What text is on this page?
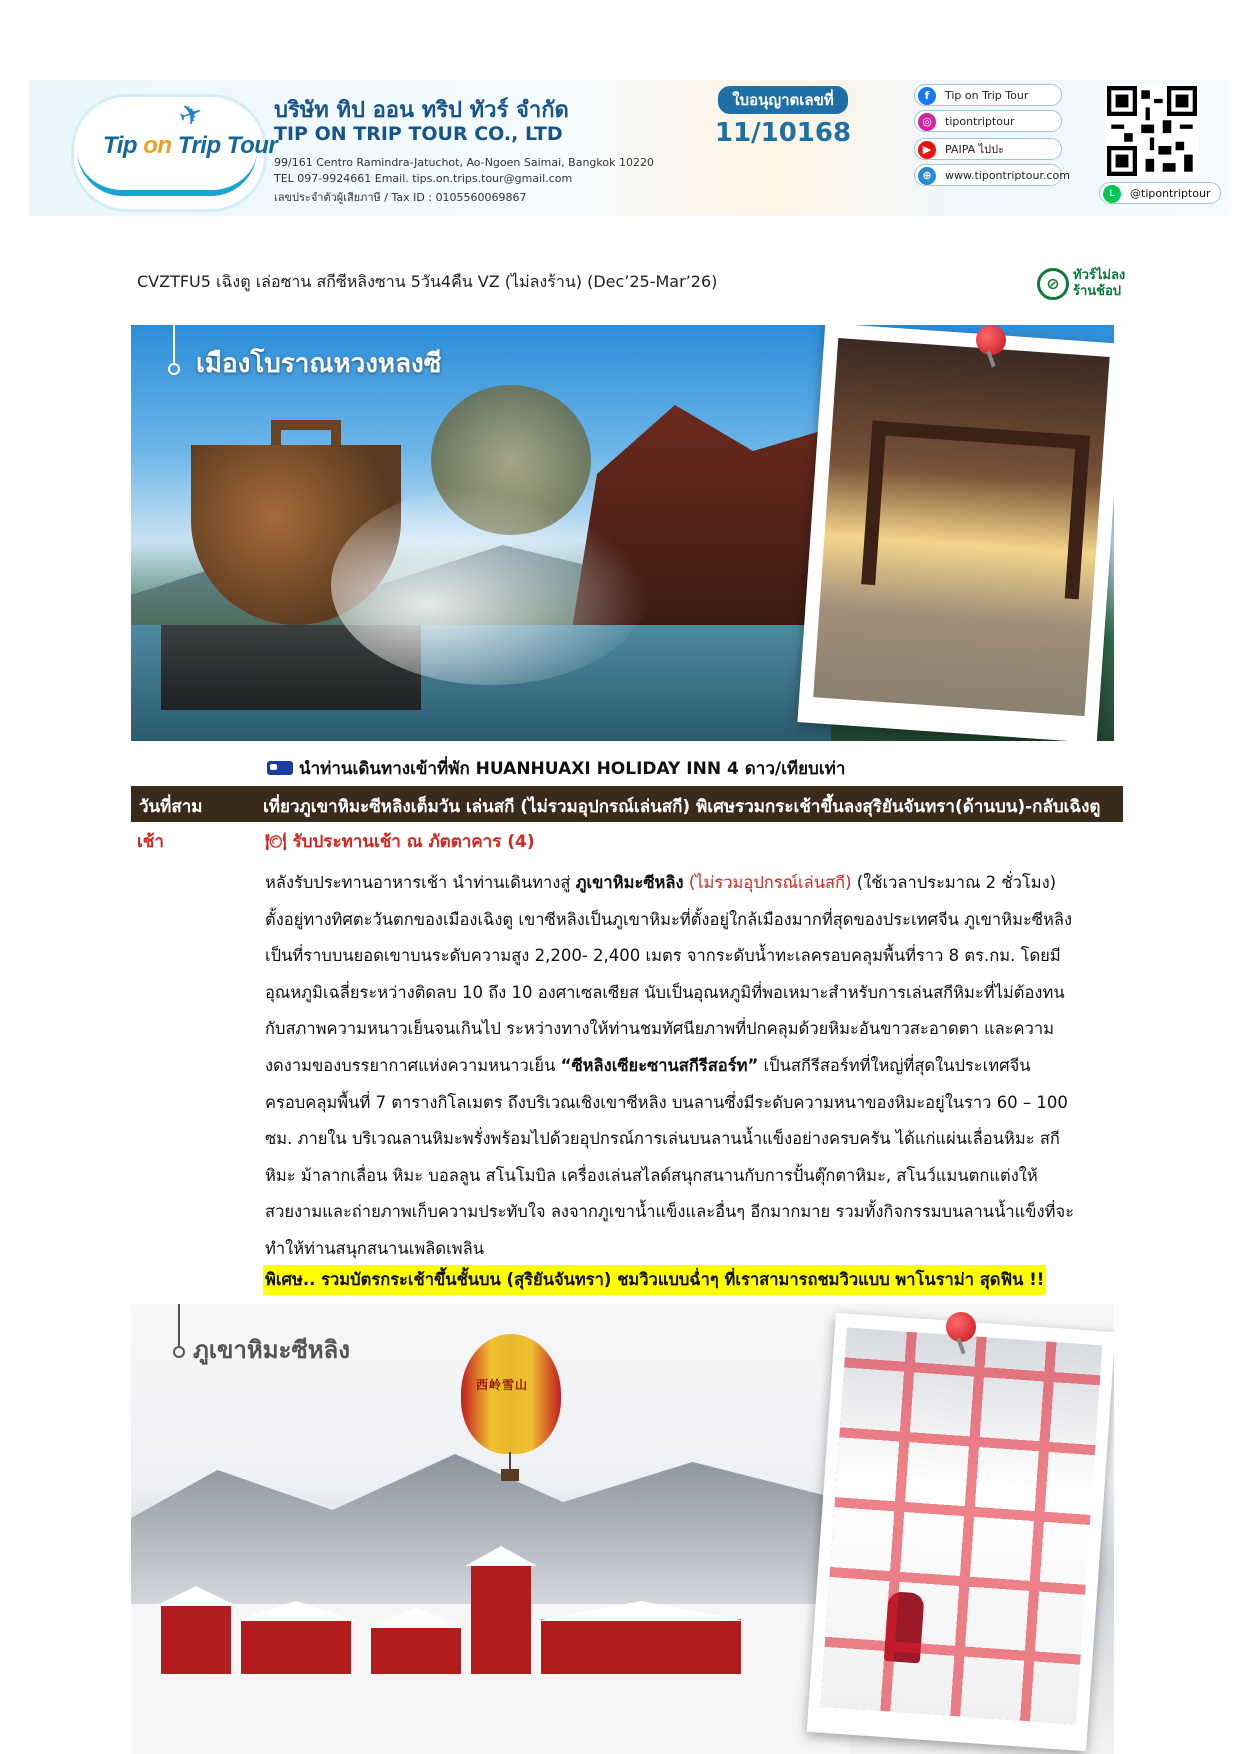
✈
Tip on Trip Tour
บริษัท ทิป ออน ทริป ทัวร์ จำกัด
TIP ON TRIP TOUR CO., LTD
99/161 Centro Ramindra-Jatuchot, Ao-Ngoen Saimai, Bangkok 10220
TEL 097-9924661 Email. tips.on.trips.tour@gmail.com
เลขประจำตัวผู้เสียภาษี / Tax ID : 0105560069867
ใบอนุญาตเลขที่
11/10168
f	Tip on Trip Tour
◎	tipontriptour
▶	PAIPA ไปปะ
⊕	www.tipontriptour.com
L	@tipontriptour
CVZTFU5 เฉิงตู เล่อซาน สกีซีหลิงซาน 5วัน4คืน VZ (ไม่ลงร้าน) (Dec’25-Mar’26)	⊘	ทัวร์ไม่ลง
ร้านช้อป
เมืองโบราณหวงหลงซี
นำท่านเดินทางเข้าที่พัก HUANHUAXI HOLIDAY INN 4 ดาว/เทียบเท่า
วันที่สาม	เที่ยวภูเขาหิมะซีหลิงเต็มวัน เล่นสกี (ไม่รวมอุปกรณ์เล่นสกี) พิเศษรวมกระเช้าขึ้นลงสุริยันจันทรา(ด้านบน)-กลับเฉิงตู
เช้า	🍽 รับประทานเช้า ณ ภัตตาคาร (4)
หลังรับประทานอาหารเช้า นำท่านเดินทางสู่ ภูเขาหิมะซีหลิง (ไม่รวมอุปกรณ์เล่นสกี) (ใช้เวลาประมาณ 2 ชั่วโมง)
ตั้งอยู่ทางทิศตะวันตกของเมืองเฉิงตู เขาซีหลิงเป็นภูเขาหิมะที่ตั้งอยู่ใกล้เมืองมากที่สุดของประเทศจีน ภูเขาหิมะซีหลิง
เป็นที่ราบบนยอดเขาบนระดับความสูง 2,200- 2,400 เมตร จากระดับน้ำทะเลครอบคลุมพื้นที่ราว 8 ตร.กม. โดยมี
อุณหภูมิเฉลี่ยระหว่างติดลบ 10 ถึง 10 องศาเซลเซียส นับเป็นอุณหภูมิที่พอเหมาะสำหรับการเล่นสกีหิมะที่ไม่ต้องทน
กับสภาพความหนาวเย็นจนเกินไป ระหว่างทางให้ท่านชมทัศนียภาพที่ปกคลุมด้วยหิมะอันขาวสะอาดตา และความ
งดงามของบรรยากาศแห่งความหนาวเย็น “ซีหลิงเซียะซานสกีรีสอร์ท” เป็นสกีรีสอร์ทที่ใหญ่ที่สุดในประเทศจีน
ครอบคลุมพื้นที่ 7 ตารางกิโลเมตร ถึงบริเวณเชิงเขาซีหลิง บนลานซึ่งมีระดับความหนาของหิมะอยู่ในราว 60 – 100
ซม. ภายใน บริเวณลานหิมะพรั่งพร้อมไปด้วยอุปกรณ์การเล่นบนลานน้ำแข็งอย่างครบครัน ได้แก่แผ่นเลื่อนหิมะ สกี
หิมะ ม้าลากเลื่อน หิมะ บอลลูน สโนโมบิล เครื่องเล่นสไลด์สนุกสนานกับการปั้นตุ๊กตาหิมะ, สโนว์แมนตกแต่งให้
สวยงามและถ่ายภาพเก็บความประทับใจ ลงจากภูเขาน้ำแข็งและอื่นๆ อีกมากมาย รวมทั้งกิจกรรมบนลานน้ำแข็งที่จะ
ทำให้ท่านสนุกสนานเพลิดเพลิน
พิเศษ.. รวมบัตรกระเช้าขึ้นชั้นบน (สุริยันจันทรา) ชมวิวแบบฉ่ำๆ ที่เราสามารถชมวิวแบบ พาโนราม่า สุดฟิน !!
西岭雪山
ภูเขาหิมะซีหลิง
